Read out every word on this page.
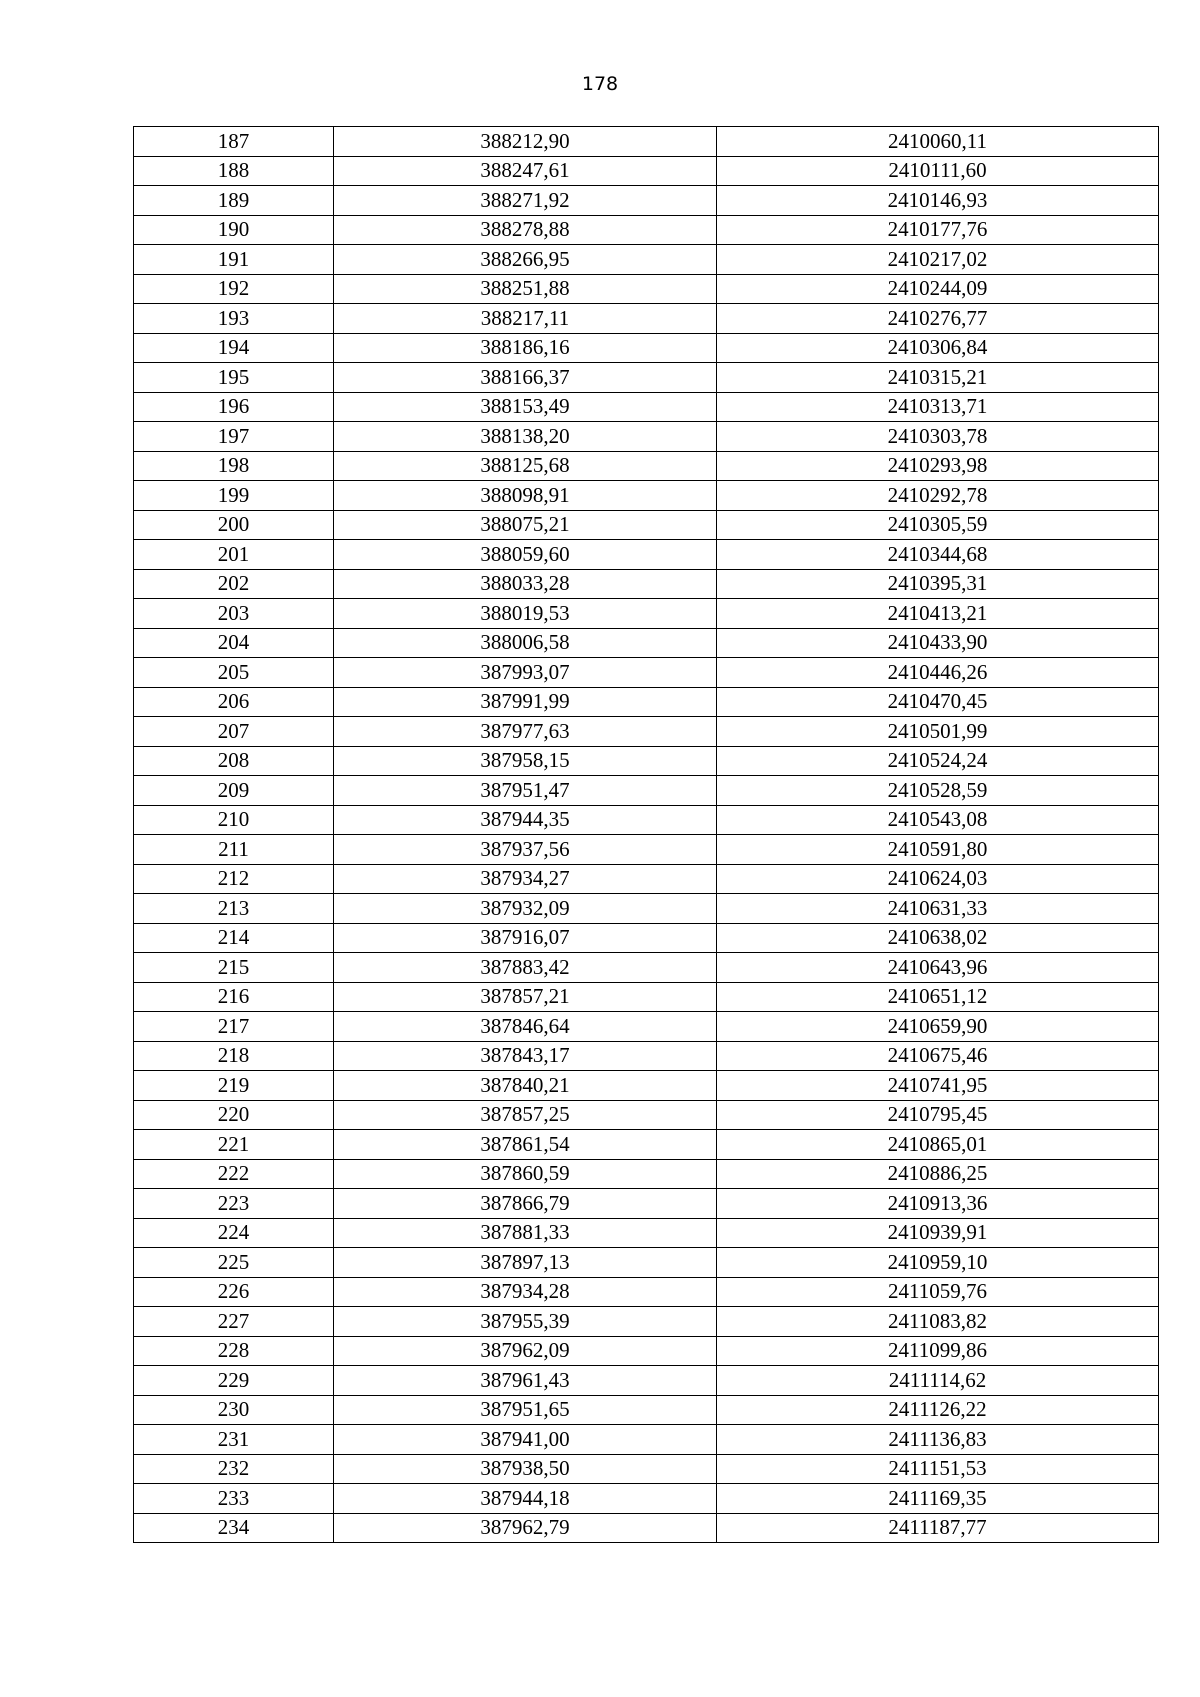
178
187	388212,90	2410060,11
188	388247,61	2410111,60
189	388271,92	2410146,93
190	388278,88	2410177,76
191	388266,95	2410217,02
192	388251,88	2410244,09
193	388217,11	2410276,77
194	388186,16	2410306,84
195	388166,37	2410315,21
196	388153,49	2410313,71
197	388138,20	2410303,78
198	388125,68	2410293,98
199	388098,91	2410292,78
200	388075,21	2410305,59
201	388059,60	2410344,68
202	388033,28	2410395,31
203	388019,53	2410413,21
204	388006,58	2410433,90
205	387993,07	2410446,26
206	387991,99	2410470,45
207	387977,63	2410501,99
208	387958,15	2410524,24
209	387951,47	2410528,59
210	387944,35	2410543,08
211	387937,56	2410591,80
212	387934,27	2410624,03
213	387932,09	2410631,33
214	387916,07	2410638,02
215	387883,42	2410643,96
216	387857,21	2410651,12
217	387846,64	2410659,90
218	387843,17	2410675,46
219	387840,21	2410741,95
220	387857,25	2410795,45
221	387861,54	2410865,01
222	387860,59	2410886,25
223	387866,79	2410913,36
224	387881,33	2410939,91
225	387897,13	2410959,10
226	387934,28	2411059,76
227	387955,39	2411083,82
228	387962,09	2411099,86
229	387961,43	2411114,62
230	387951,65	2411126,22
231	387941,00	2411136,83
232	387938,50	2411151,53
233	387944,18	2411169,35
234	387962,79	2411187,77
